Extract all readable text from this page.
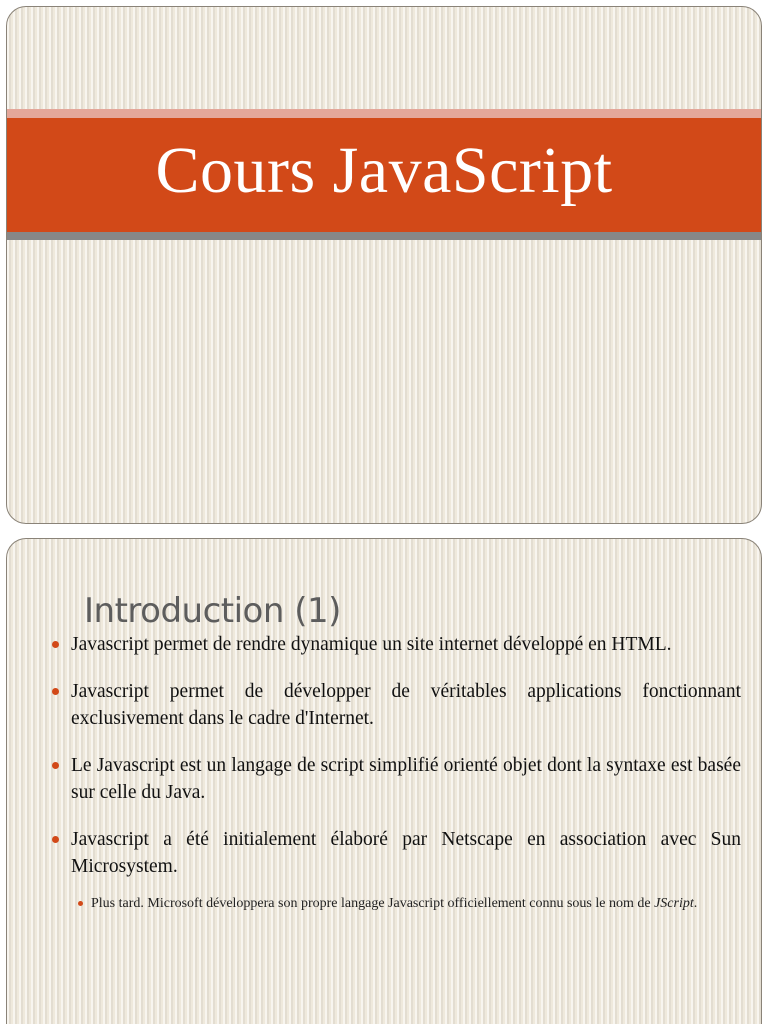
Cours JavaScript
Introduction (1)
Javascript permet de rendre dynamique un site internet développé en HTML.
Javascript permet de développer de véritables applications fonctionnant exclusivement dans le cadre d'Internet.
Le Javascript est un langage de script simplifié orienté objet dont la syntaxe est basée sur celle du Java.
Javascript a été initialement élaboré par Netscape en association avec Sun Microsystem.
Plus tard. Microsoft développera son propre langage Javascript officiellement connu sous le nom de JScript.
